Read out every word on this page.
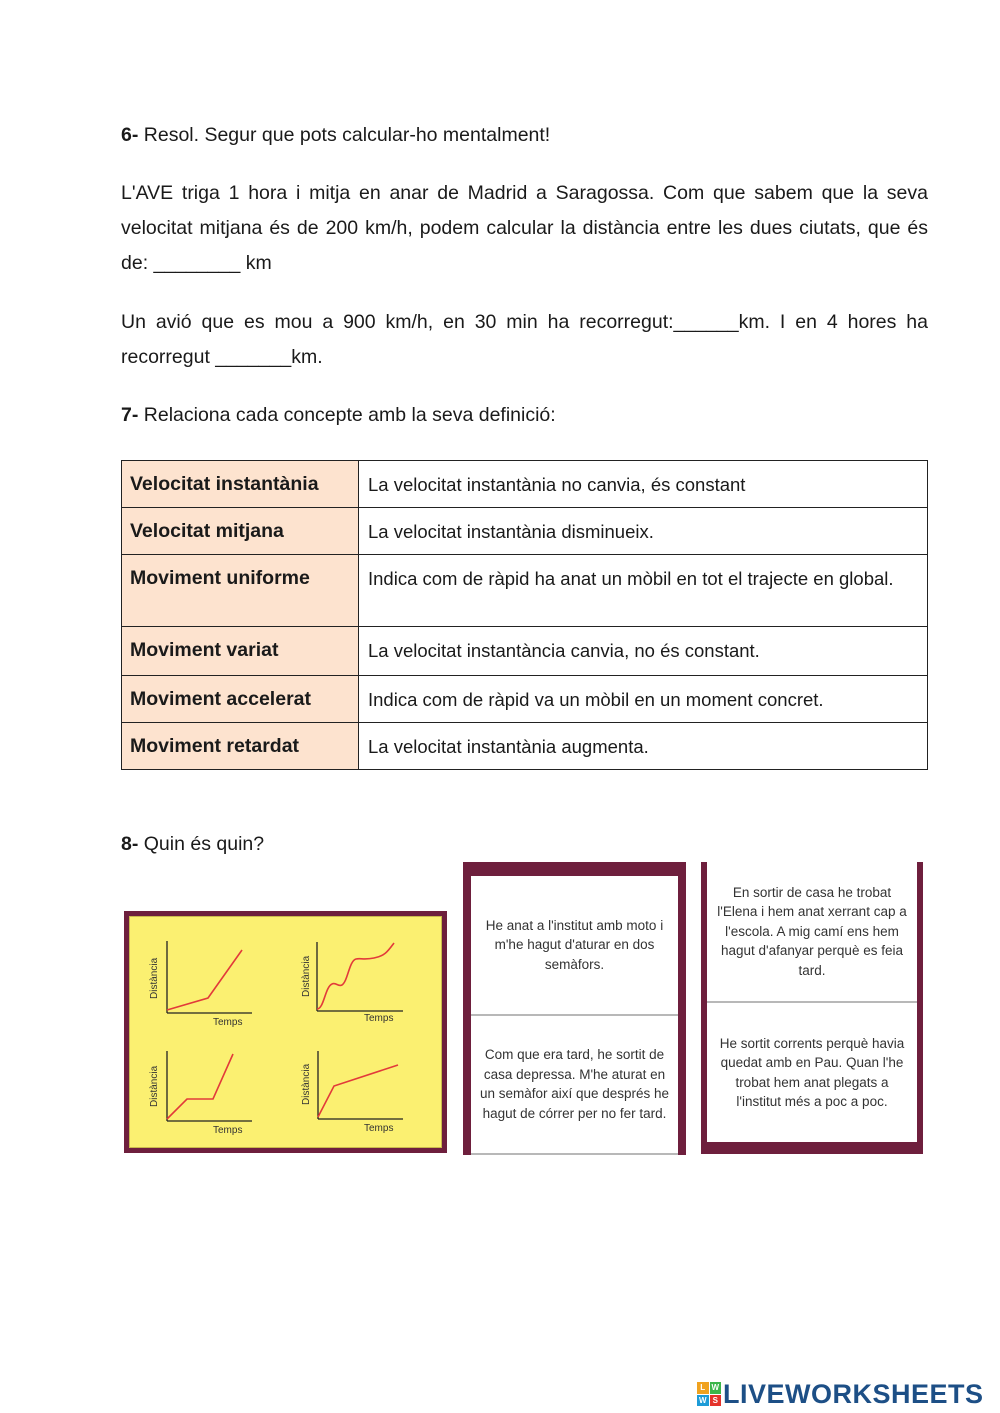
6- Resol. Segur que pots calcular-ho mentalment!
L'AVE triga 1 hora i mitja en anar de Madrid a Saragossa. Com que sabem que la seva velocitat mitjana és de 200 km/h, podem calcular la distància entre les dues ciutats, que és de: ________ km
Un avió que es mou a 900 km/h, en 30 min ha recorregut:______km. I en 4 hores ha recorregut _______km.
7- Relaciona cada concepte amb la seva definició:
Velocitat instantània	La velocitat instantània no canvia, és constant
Velocitat mitjana	La velocitat instantània disminueix.
Moviment uniforme	Indica com de ràpid ha anat un mòbil en tot el trajecte en global.
Moviment variat	La velocitat instantància canvia, no és constant.
Moviment accelerat	Indica com de ràpid va un mòbil en un moment concret.
Moviment retardat	La velocitat instantània augmenta.
8- Quin és quin?
Temps
Distància
Temps
Distància
Temps
Distància
Temps
Distància
He anat a l'institut amb moto i m'he hagut d'aturar en dos semàfors.
Com que era tard, he sortit de casa depressa. M'he aturat en un semàfor així que després he hagut de córrer per no fer tard.
En sortir de casa he trobat l'Elena i hem anat xerrant cap a l'escola. A mig camí ens hem hagut d'afanyar perquè es feia tard.
He sortit corrents perquè havia quedat amb en Pau. Quan l'he trobat hem anat plegats a l'institut més a poc a poc.
L W
W S LIVEWORKSHEETS
